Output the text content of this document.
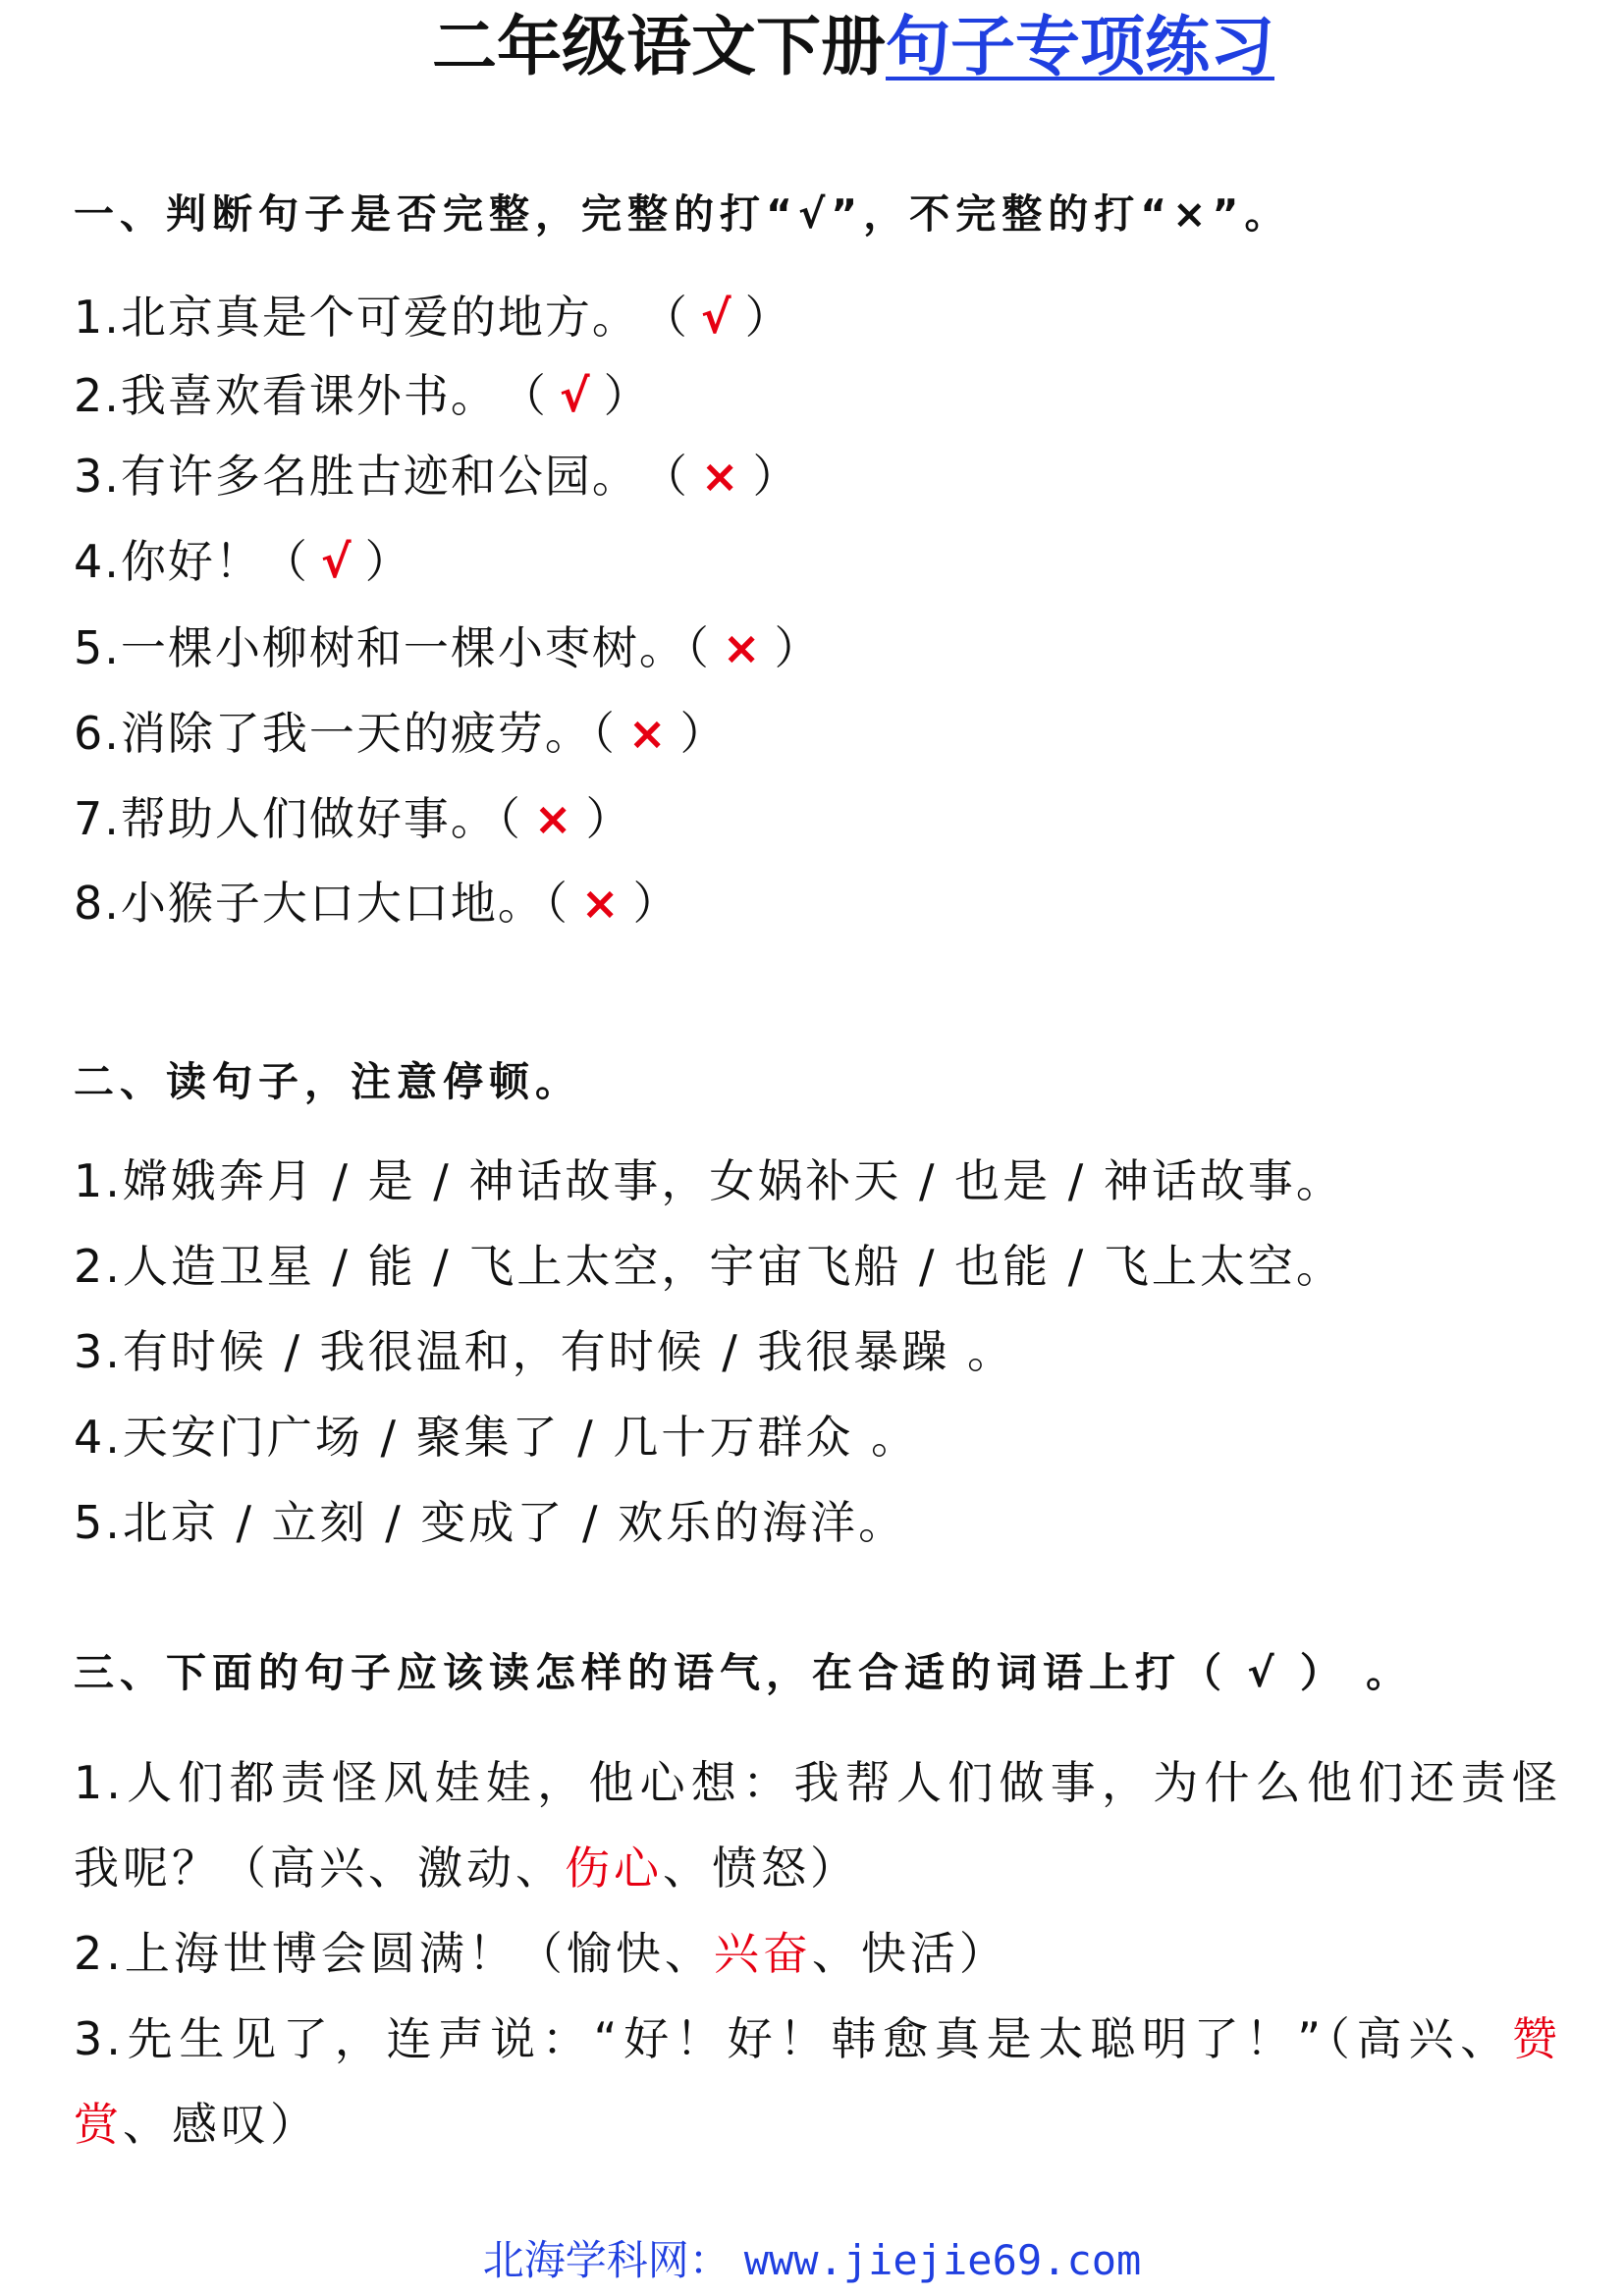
二年级语文下册句子专项练习
一、判断句子是否完整，完整的打“√”，不完整的打“×”。
1.北京真是个可爱的地方。 （ √ ）
2.我喜欢看课外书。 （ √ ）
3.有许多名胜古迹和公园。 （ × ）
4.你好！（ √ ）
5.一棵小柳树和一棵小枣树。（ × ）
6.消除了我一天的疲劳。（ × ）
7.帮助人们做好事。（ × ）
8.小猴子大口大口地。（ × ）
二、读句子，注意停顿。
1.嫦娥奔月 / 是 / 神话故事，女娲补天 / 也是 / 神话故事。
2.人造卫星 / 能 / 飞上太空，宇宙飞船 / 也能 / 飞上太空。
3.有时候 / 我很温和，有时候 / 我很暴躁 。
4.天安门广场 / 聚集了 / 几十万群众 。
5.北京 / 立刻 / 变成了 / 欢乐的海洋。
三、下面的句子应该读怎样的语气，在合适的词语上打（ √ ） 。
1.人们都责怪风娃娃，他心想：我帮人们做事，为什么他们还责怪
我呢？（高兴、激动、伤心、愤怒）
2.上海世博会圆满！（愉快、兴奋、快活）
3.先生见了，连声说：“好！好！韩愈真是太聪明了！”（高兴、赞
赏、感叹）
北海学科网： www.jiejie69.com
